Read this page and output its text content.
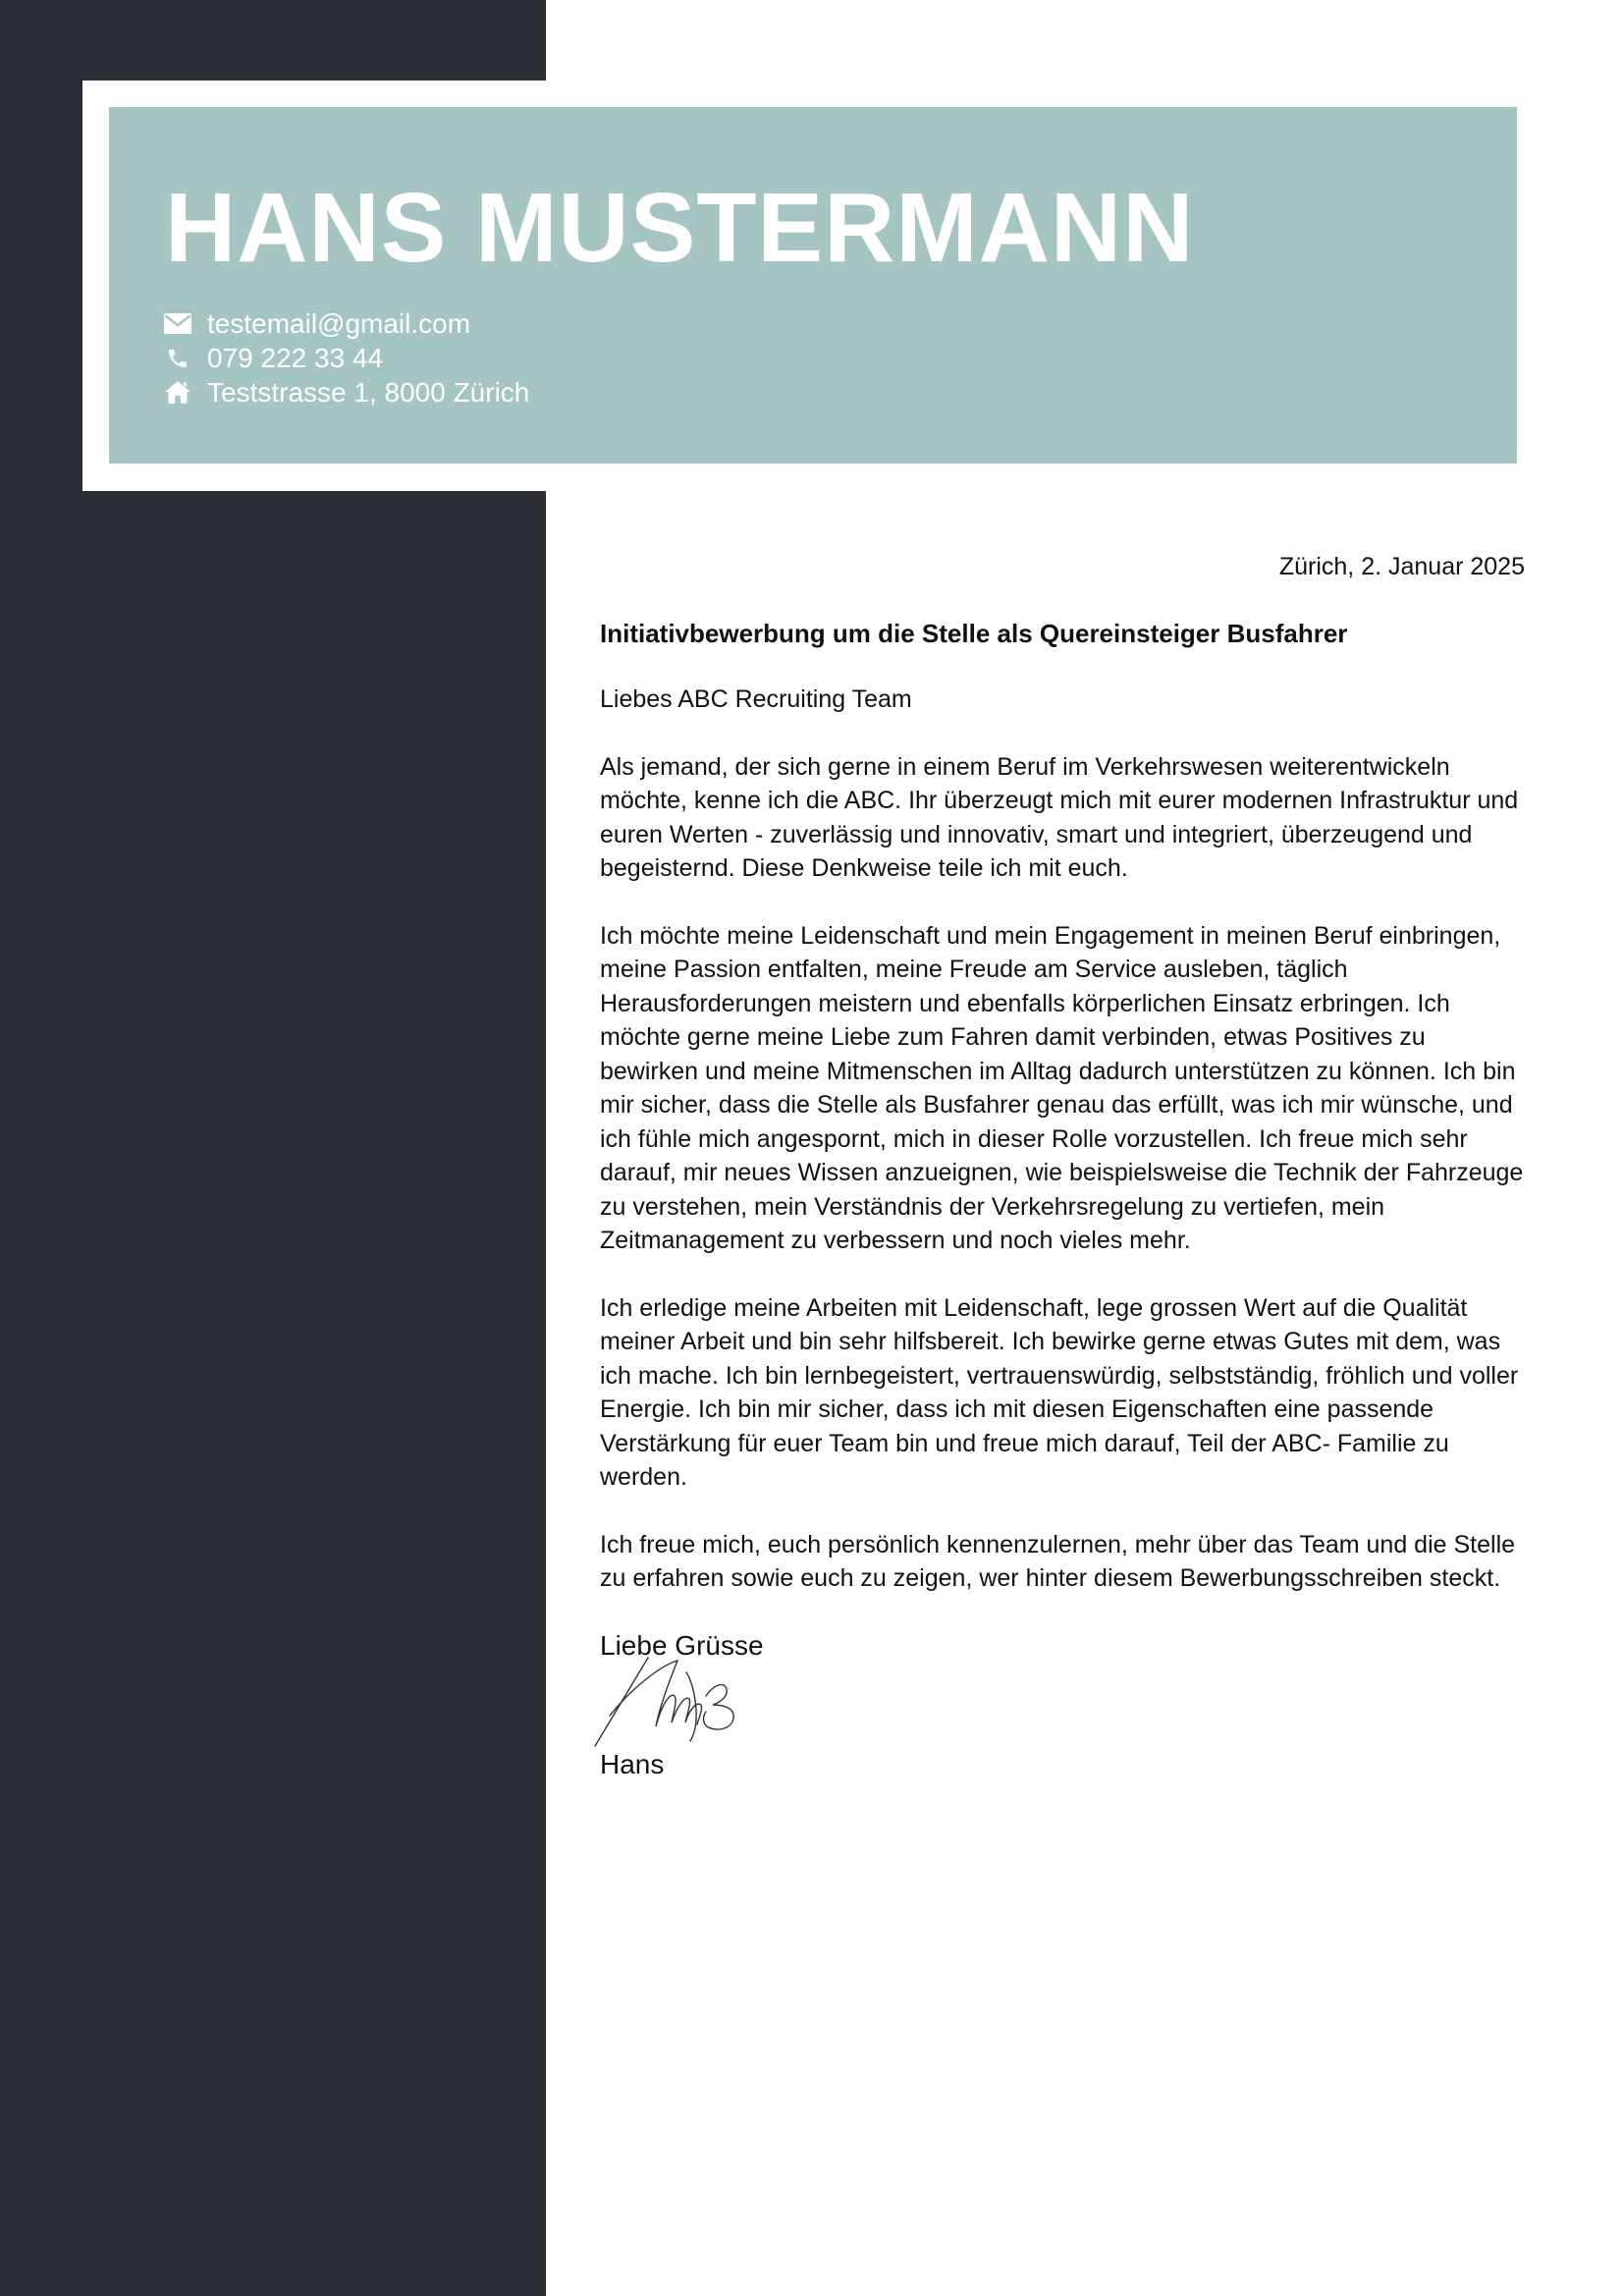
HANS MUSTERMANN
testemail@gmail.com
079 222 33 44
Teststrasse 1, 8000 Zürich
Zürich, 2. Januar 2025
Initiativbewerbung um die Stelle als Quereinsteiger Busfahrer

Liebes ABC Recruiting Team

Als jemand, der sich gerne in einem Beruf im Verkehrswesen weiterentwickeln möchte, kenne ich die ABC. Ihr überzeugt mich mit eurer modernen Infrastruktur und euren Werten - zuverlässig und innovativ, smart und integriert, überzeugend und begeisternd. Diese Denkweise teile ich mit euch.

Ich möchte meine Leidenschaft und mein Engagement in meinen Beruf einbringen, meine Passion entfalten, meine Freude am Service ausleben, täglich Herausforderungen meistern und ebenfalls körperlichen Einsatz erbringen. Ich möchte gerne meine Liebe zum Fahren damit verbinden, etwas Positives zu bewirken und meine Mitmenschen im Alltag dadurch unterstützen zu können. Ich bin mir sicher, dass die Stelle als Busfahrer genau das erfüllt, was ich mir wünsche, und ich fühle mich angespornt, mich in dieser Rolle vorzustellen. Ich freue mich sehr darauf, mir neues Wissen anzueignen, wie beispielsweise die Technik der Fahrzeuge zu verstehen, mein Verständnis der Verkehrsregelung zu vertiefen, mein Zeitmanagement zu verbessern und noch vieles mehr.

Ich erledige meine Arbeiten mit Leidenschaft, lege grossen Wert auf die Qualität meiner Arbeit und bin sehr hilfsbereit. Ich bewirke gerne etwas Gutes mit dem, was ich mache. Ich bin lernbegeistert, vertrauenswürdig, selbstständig, fröhlich und voller Energie. Ich bin mir sicher, dass ich mit diesen Eigenschaften eine passende Verstärkung für euer Team bin und freue mich darauf, Teil der ABC- Familie zu werden.

Ich freue mich, euch persönlich kennenzulernen, mehr über das Team und die Stelle zu erfahren sowie euch zu zeigen, wer hinter diesem Bewerbungsschreiben steckt.

Liebe Grüsse

Hans
